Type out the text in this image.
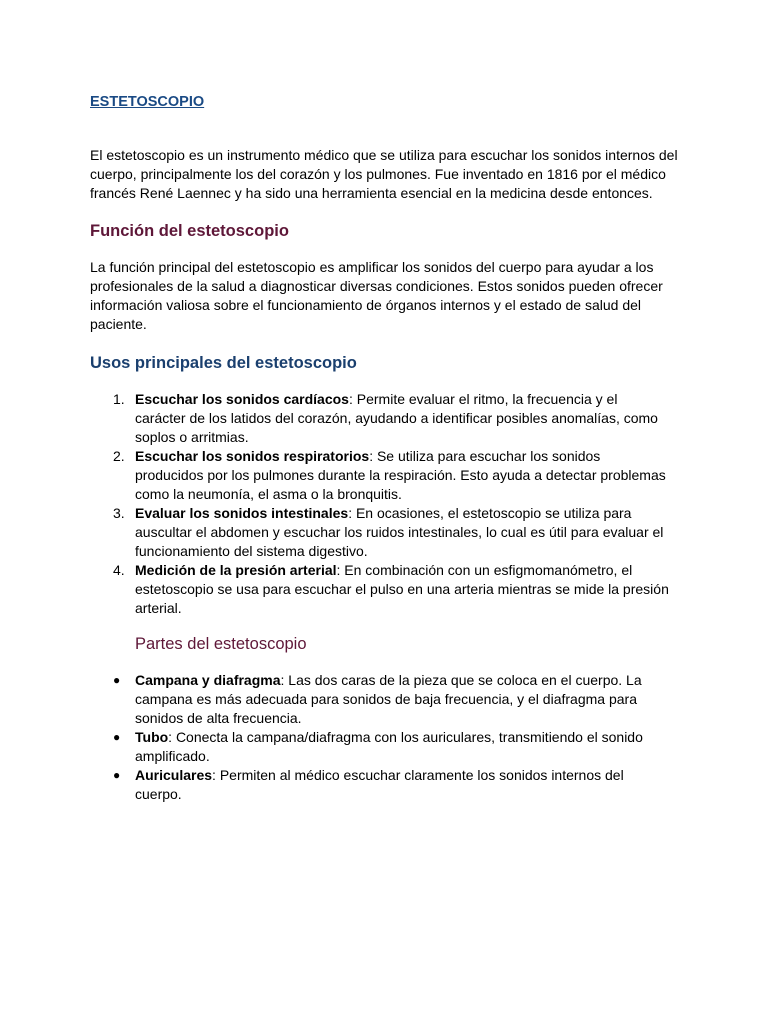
ESTETOSCOPIO

El estetoscopio es un instrumento médico que se utiliza para escuchar los sonidos internos del cuerpo, principalmente los del corazón y los pulmones. Fue inventado en 1816 por el médico francés René Laennec y ha sido una herramienta esencial en la medicina desde entonces.

Función del estetoscopio

La función principal del estetoscopio es amplificar los sonidos del cuerpo para ayudar a los profesionales de la salud a diagnosticar diversas condiciones. Estos sonidos pueden ofrecer información valiosa sobre el funcionamiento de órganos internos y el estado de salud del paciente.

Usos principales del estetoscopio
1. Escuchar los sonidos cardíacos: Permite evaluar el ritmo, la frecuencia y el carácter de los latidos del corazón, ayudando a identificar posibles anomalías, como soplos o arritmias.
2. Escuchar los sonidos respiratorios: Se utiliza para escuchar los sonidos producidos por los pulmones durante la respiración. Esto ayuda a detectar problemas como la neumonía, el asma o la bronquitis.
3. Evaluar los sonidos intestinales: En ocasiones, el estetoscopio se utiliza para auscultar el abdomen y escuchar los ruidos intestinales, lo cual es útil para evaluar el funcionamiento del sistema digestivo.
4. Medición de la presión arterial: En combinación con un esfigmomanómetro, el estetoscopio se usa para escuchar el pulso en una arteria mientras se mide la presión arterial.
Partes del estetoscopio
● Campana y diafragma: Las dos caras de la pieza que se coloca en el cuerpo. La campana es más adecuada para sonidos de baja frecuencia, y el diafragma para sonidos de alta frecuencia.
● Tubo: Conecta la campana/diafragma con los auriculares, transmitiendo el sonido amplificado.
● Auriculares: Permiten al médico escuchar claramente los sonidos internos del cuerpo.
